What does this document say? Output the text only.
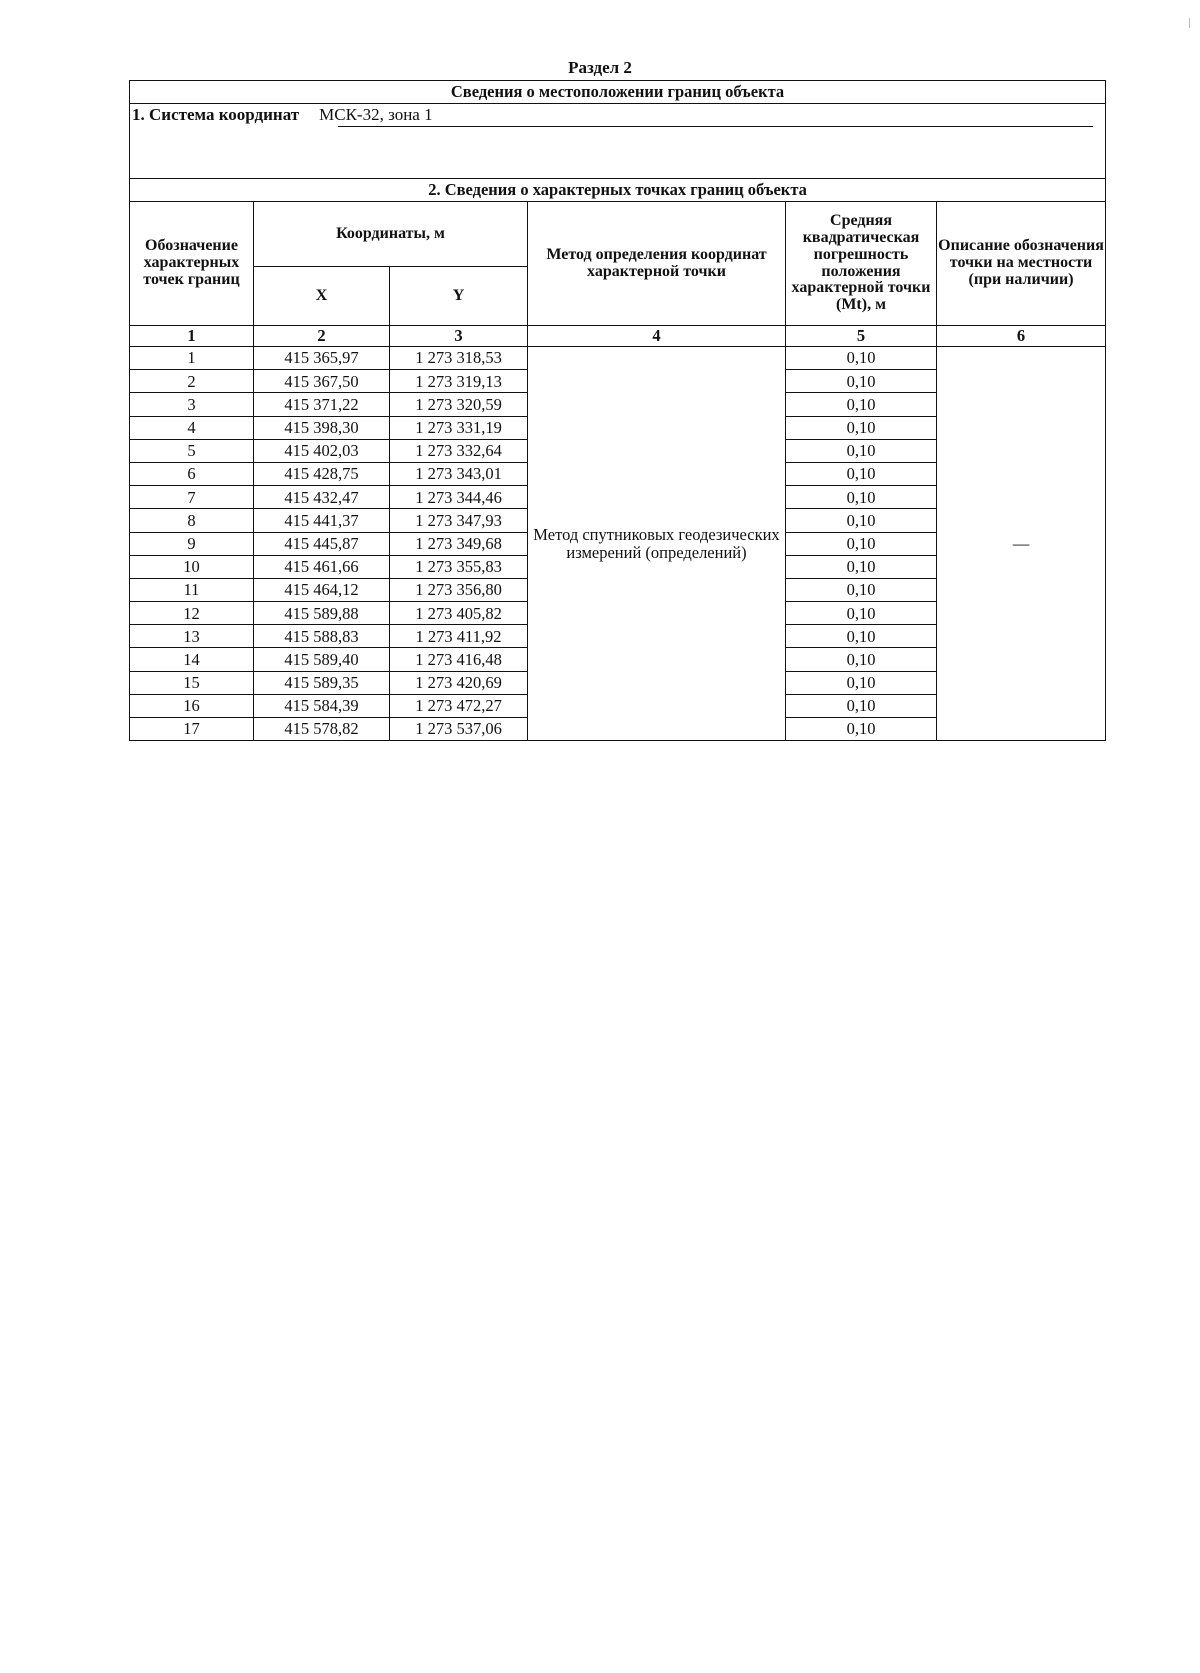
Раздел 2
Сведения о местоположении границ объекта					
1. Система координат МСК-32, зона 1					

2. Сведения о характерных точках границ объекта					
Обозначение характерных точек границ	Координаты, м		Метод определения координат характерной точки	Средняя квадратическая погрешность положения характерной точки (Mt), м	Описание обозначения точки на местности (при наличии)
	X	Y			
1	2	3	4	5	6
1	415 365,97	1 273 318,53	Метод спутниковых геодезических измерений (определений)	0,10	—
2	415 367,50	1 273 319,13		0,10	
3	415 371,22	1 273 320,59		0,10	
4	415 398,30	1 273 331,19		0,10	
5	415 402,03	1 273 332,64		0,10	
6	415 428,75	1 273 343,01		0,10	
7	415 432,47	1 273 344,46		0,10	
8	415 441,37	1 273 347,93		0,10	
9	415 445,87	1 273 349,68		0,10	
10	415 461,66	1 273 355,83		0,10	
11	415 464,12	1 273 356,80		0,10	
12	415 589,88	1 273 405,82		0,10	
13	415 588,83	1 273 411,92		0,10	
14	415 589,40	1 273 416,48		0,10	
15	415 589,35	1 273 420,69		0,10	
16	415 584,39	1 273 472,27		0,10	
17	415 578,82	1 273 537,06		0,10	
